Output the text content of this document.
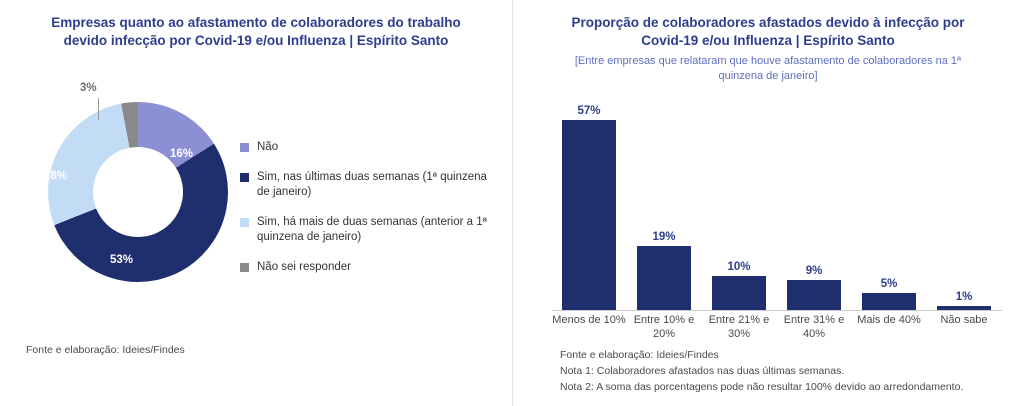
Empresas quanto ao afastamento de colaboradores do trabalho devido infecção por Covid-19 e/ou Influenza | Espírito Santo
16%
53%
28%
3%
Não
Sim, nas últimas duas semanas (1ª quinzena de janeiro)
Sim, há mais de duas semanas (anterior a 1ª quinzena de janeiro)
Não sei responder
Fonte e elaboração: Ideies/Findes
Proporção de colaboradores afastados devido à infecção por Covid-19 e/ou Influenza | Espírito Santo
[Entre empresas que relataram que houve afastamento de colaboradores na 1ª quinzena de janeiro]
57%
19%
10%	9%
5%
1%
Menos de 10% Entre 10% e 20%
Entre 21% e 30%
Entre 31% e 40%
Mais de 40%	Não sabe
Fonte e elaboração: Ideies/Findes
Nota 1: Colaboradores afastados nas duas últimas semanas.
Nota 2: A soma das porcentagens pode não resultar 100% devido ao arredondamento.
